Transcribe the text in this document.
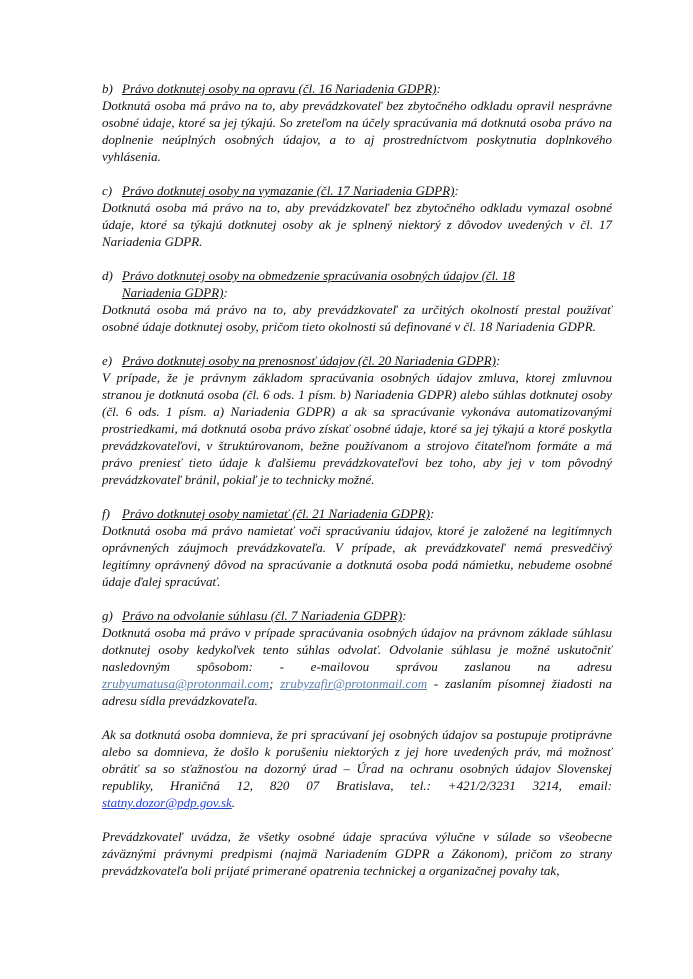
b) Právo dotknutej osoby na opravu (čl. 16 Nariadenia GDPR) :

Dotknutá osoba má právo na to, aby prevádzkovateľ bez zbytočného odkladu opravil nesprávne osobné údaje, ktoré sa jej týkajú. So zreteľom na účely spracúvania má dotknutá osoba právo na doplnenie neúplných osobných údajov, a to aj prostredníctvom poskytnutia doplnkového vyhlásenia.

c) Právo dotknutej osoby na vymazanie (čl. 17 Nariadenia GDPR) :

Dotknutá osoba má právo na to, aby prevádzkovateľ bez zbytočného odkladu vymazal osobné údaje, ktoré sa týkajú dotknutej osoby ak je splnený niektorý z dôvodov uvedených v čl. 17 Nariadenia GDPR.

d) Právo dotknutej osoby na obmedzenie spracúvania osobných údajov (čl. 18 Nariadenia GDPR):

Dotknutá osoba má právo na to, aby prevádzkovateľ za určitých okolností prestal používať osobné údaje dotknutej osoby, pričom tieto okolnosti sú definované v čl. 18 Nariadenia GDPR.

e) Právo dotknutej osoby na prenosnosť údajov (čl. 20 Nariadenia GDPR) :

V prípade, že je právnym základom spracúvania osobných údajov zmluva, ktorej zmluvnou stranou je dotknutá osoba (čl. 6 ods. 1 písm. b) Nariadenia GDPR) alebo súhlas dotknutej osoby (čl. 6 ods. 1 písm. a) Nariadenia GDPR) a ak sa spracúvanie vykonáva automatizovanými prostriedkami, má dotknutá osoba právo získať osobné údaje, ktoré sa jej týkajú a ktoré poskytla prevádzkovateľovi, v štruktúrovanom, bežne používanom a strojovo čitateľnom formáte a má právo preniesť tieto údaje k ďalšiemu prevádzkovateľovi bez toho, aby jej v tom pôvodný prevádzkovateľ bránil, pokiaľ je to technicky možné.

f) Právo dotknutej osoby namietať (čl. 21 Nariadenia GDPR) :

Dotknutá osoba má právo namietať voči spracúvaniu údajov, ktoré je založené na legitímnych oprávnených záujmoch prevádzkovateľa. V prípade, ak prevádzkovateľ nemá presvedčivý legitímny oprávnený dôvod na spracúvanie a dotknutá osoba podá námietku, nebudeme osobné údaje ďalej spracúvať.

g) Právo na odvolanie súhlasu (čl. 7 Nariadenia GDPR) :

Dotknutá osoba má právo v prípade spracúvania osobných údajov na právnom základe súhlasu dotknutej osoby kedykoľvek tento súhlas odvolať. Odvolanie súhlasu je možné uskutočniť nasledovným spôsobom: - e-mailovou správou zaslanou na adresu zrubyumatusa@protonmail.com; zrubyzafir@protonmail.com - zaslaním písomnej žiadosti na adresu sídla prevádzkovateľa.

Ak sa dotknutá osoba domnieva, že pri spracúvaní jej osobných údajov sa postupuje protiprávne alebo sa domnieva, že došlo k porušeniu niektorých z jej hore uvedených práv, má možnosť obrátiť sa so sťažnosťou na dozorný úrad – Úrad na ochranu osobných údajov Slovenskej republiky, Hraničná 12, 820 07 Bratislava, tel.: +421/2/3231 3214, email: statny.dozor@pdp.gov.sk.

Prevádzkovateľ uvádza, že všetky osobné údaje spracúva výlučne v súlade so všeobecne záväznými právnymi predpismi (najmä Nariadením GDPR a Zákonom), pričom zo strany prevádzkovateľa boli prijaté primerané opatrenia technickej a organizačnej povahy tak,
